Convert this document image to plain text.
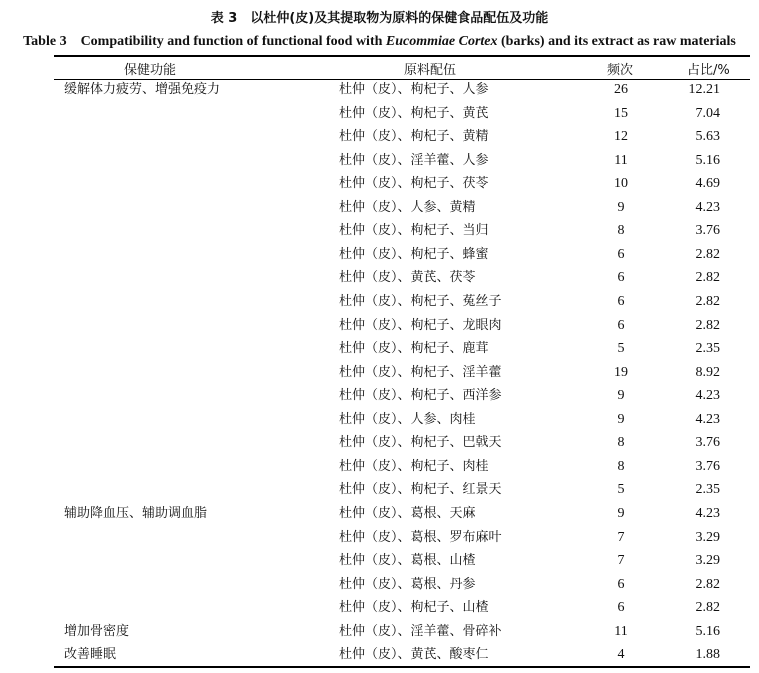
表 3　以杜仲(皮)及其提取物为原料的保健食品配伍及功能
Table 3　Compatibility and function of functional food with Eucommiae Cortex (barks) and its extract as raw materials
保健功能	原料配伍	频次	占比/%
缓解体力疲劳、增强免疫力	杜仲（皮）、枸杞子、人参	26	12.21
杜仲（皮）、枸杞子、黄芪	15	7.04
杜仲（皮）、枸杞子、黄精	12	5.63
杜仲（皮）、淫羊藿、人参	11	5.16
杜仲（皮）、枸杞子、茯苓	10	4.69
杜仲（皮）、人参、黄精	9	4.23
杜仲（皮）、枸杞子、当归	8	3.76
杜仲（皮）、枸杞子、蜂蜜	6	2.82
杜仲（皮）、黄芪、茯苓	6	2.82
杜仲（皮）、枸杞子、菟丝子	6	2.82
杜仲（皮）、枸杞子、龙眼肉	6	2.82
杜仲（皮）、枸杞子、鹿茸	5	2.35
杜仲（皮）、枸杞子、淫羊藿	19	8.92
杜仲（皮）、枸杞子、西洋参	9	4.23
杜仲（皮）、人参、肉桂	9	4.23
杜仲（皮）、枸杞子、巴戟天	8	3.76
杜仲（皮）、枸杞子、肉桂	8	3.76
杜仲（皮）、枸杞子、红景天	5	2.35
辅助降血压、辅助调血脂	杜仲（皮）、葛根、天麻	9	4.23
杜仲（皮）、葛根、罗布麻叶	7	3.29
杜仲（皮）、葛根、山楂	7	3.29
杜仲（皮）、葛根、丹参	6	2.82
杜仲（皮）、枸杞子、山楂	6	2.82
增加骨密度	杜仲（皮）、淫羊藿、骨碎补	11	5.16
改善睡眠	杜仲（皮）、黄芪、酸枣仁	4	1.88
